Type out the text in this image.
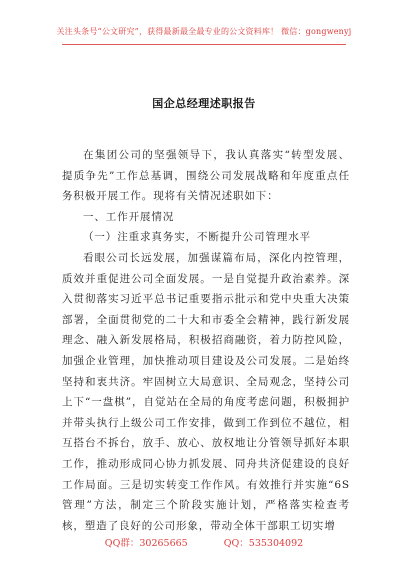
关注头条号“公文研究”，获得最新最全最专业的公文资料库！ 微信：gongwenyj
国企总经理述职报告

在集团公司的坚强领导下，我认真落实“转型发展、提质争先”工作总基调，围绕公司发展战略和年度重点任务积极开展工作。现将有关情况述职如下：

一、工作开展情况

（一）注重求真务实，不断提升公司管理水平

看眼公司长远发展，加强谋篇布局，深化内控管理，质效并重促进公司全面发展。一是自觉提升政治素养。深入贯彻落实习近平总书记重要指示批示和党中央重大决策部署，全面贯彻党的二十大和市委全会精神，践行新发展理念、融入新发展格局，积极招商融资，着力防控风险，加强企业管理，加快推动项目建设及公司发展。二是始终坚持和衷共济。牢固树立大局意识、全局观念，坚持公司上下“一盘棋”，自觉站在全局的角度考虑问题，积极拥护并带头执行上级公司工作安排，做到工作到位不越位，相互搭台不拆台，放手、放心、放权地让分管领导抓好本职工作，推动形成同心协力抓发展、同舟共济促建设的良好工作局面。三是切实转变工作作风。有效推行并实施“6S管理”方法，制定三个阶段实施计划，严格落实检查考核，塑造了良好的公司形象，带动全体干部职工切实增

QQ群：30265665	QQ：535304092
